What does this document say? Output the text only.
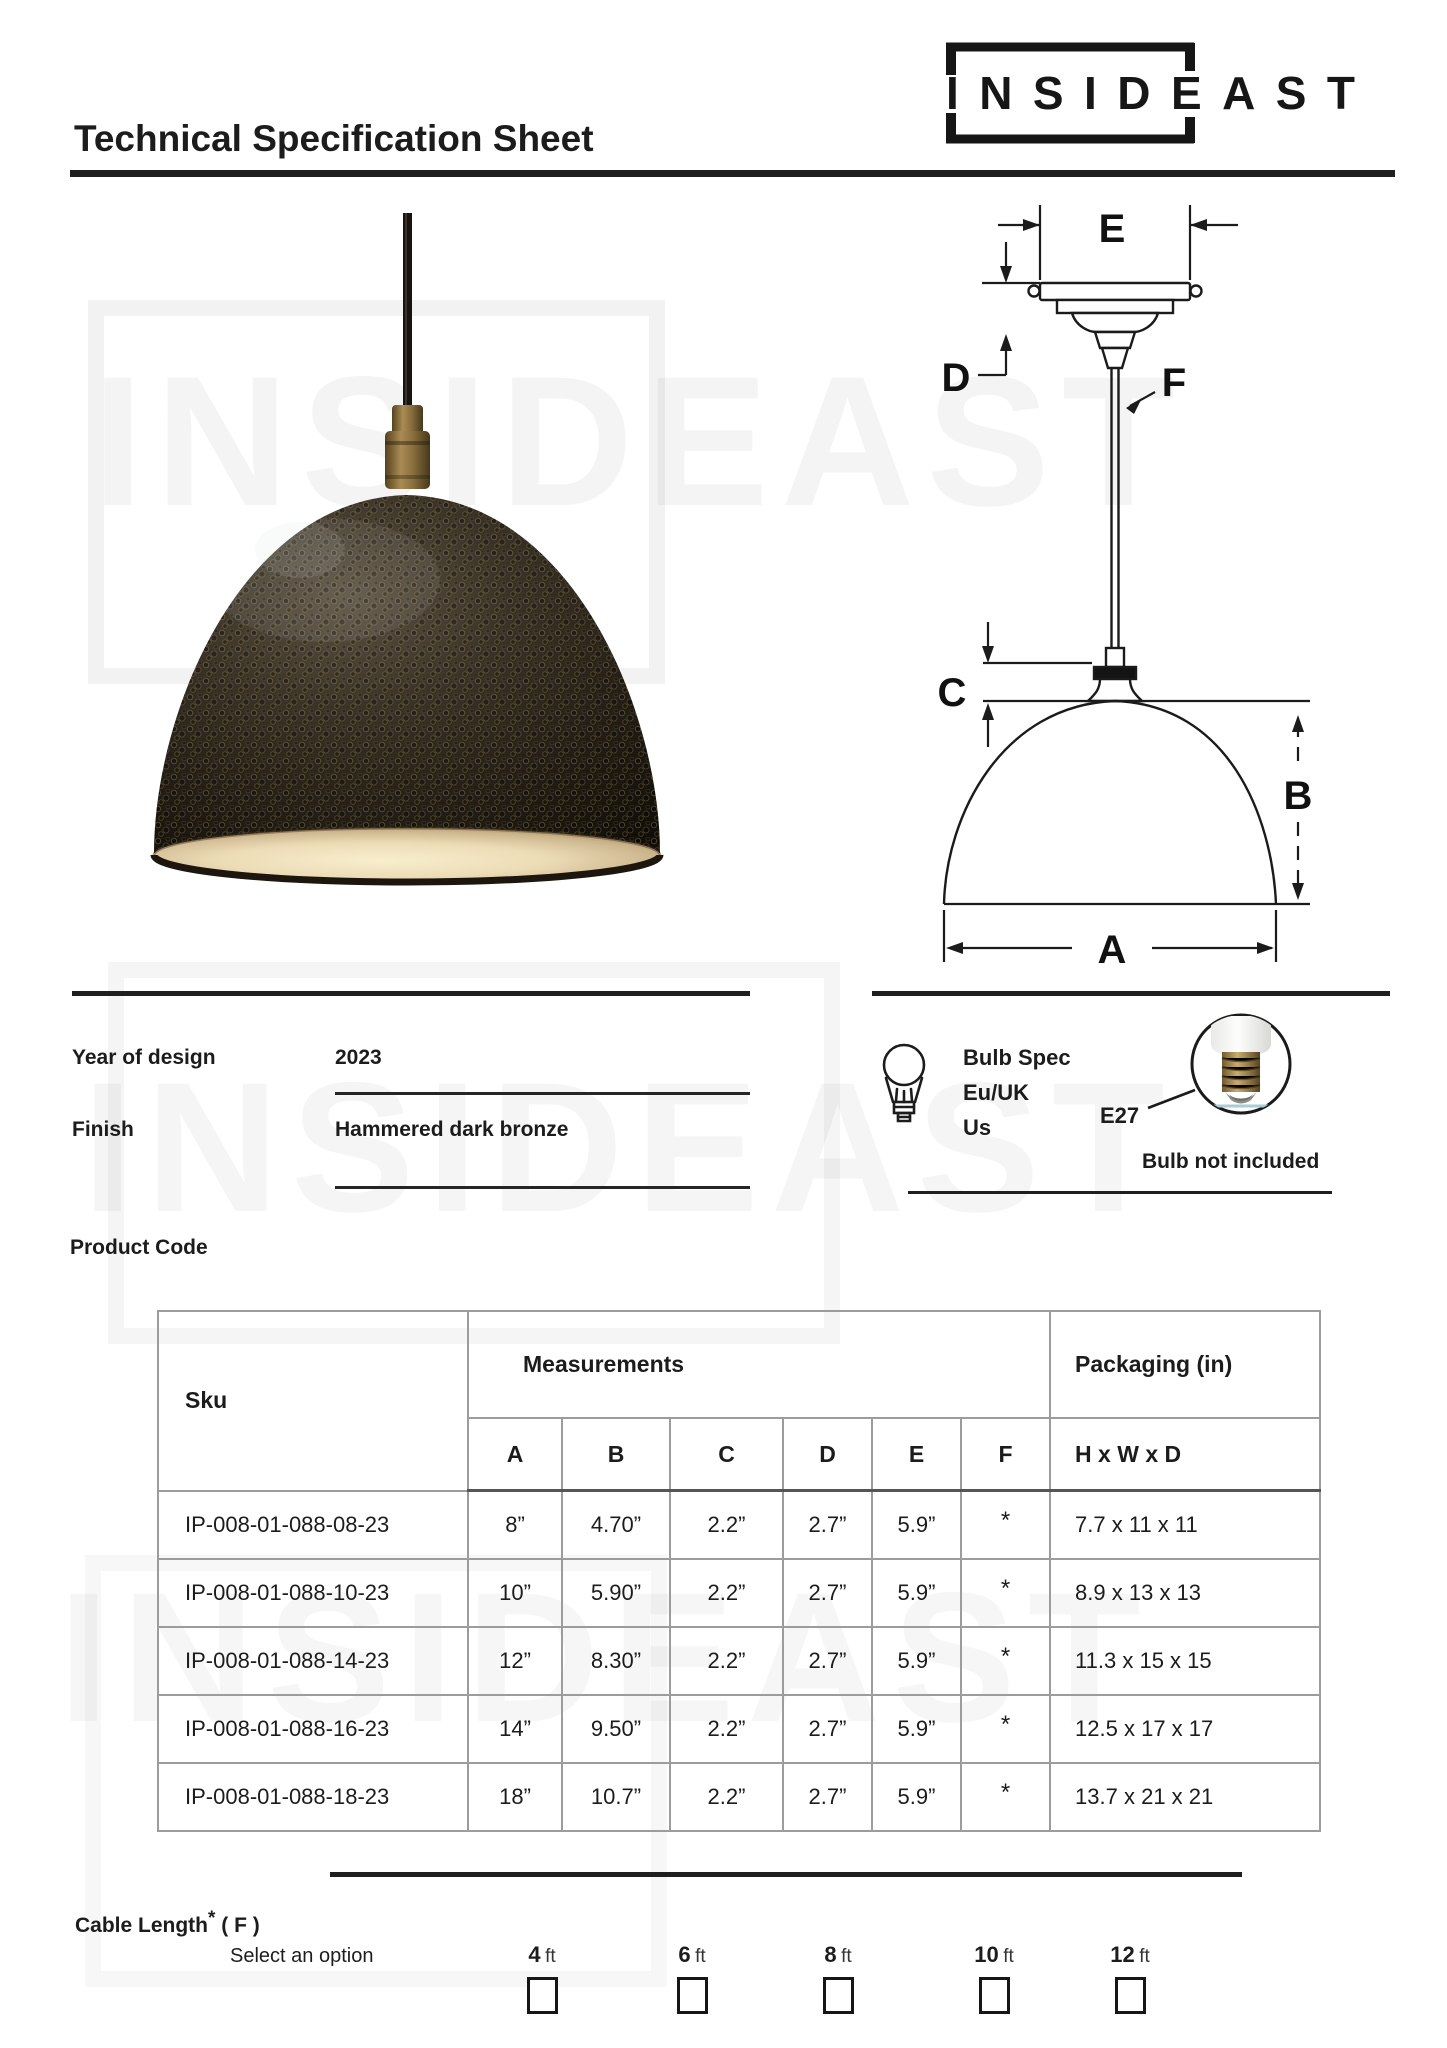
Technical Specification Sheet
INSIDEAST
E
D	F
C
B
A
Year of design	2023
Finish	Hammered dark bronze
Product Code
Bulb Spec
Eu/UK
Us	E27
Bulb not included
Sku	Measurements						Packaging (in)
	A	B	C	D	E	F	H x W x D
IP-008-01-088-08-23	8”	4.70”	2.2”	2.7”	5.9”	*	7.7 x 11 x 11
IP-008-01-088-10-23	10”	5.90”	2.2”	2.7”	5.9”	*	8.9 x 13 x 13
IP-008-01-088-14-23	12”	8.30”	2.2”	2.7”	5.9”	*	11.3 x 15 x 15
IP-008-01-088-16-23	14”	9.50”	2.2”	2.7”	5.9”	*	12.5 x 17 x 17
IP-008-01-088-18-23	18”	10.7”	2.2”	2.7”	5.9”	*	13.7 x 21 x 21
Cable Length* ( F )
Select an option	4 ft	6 ft	8 ft	10 ft	12 ft
